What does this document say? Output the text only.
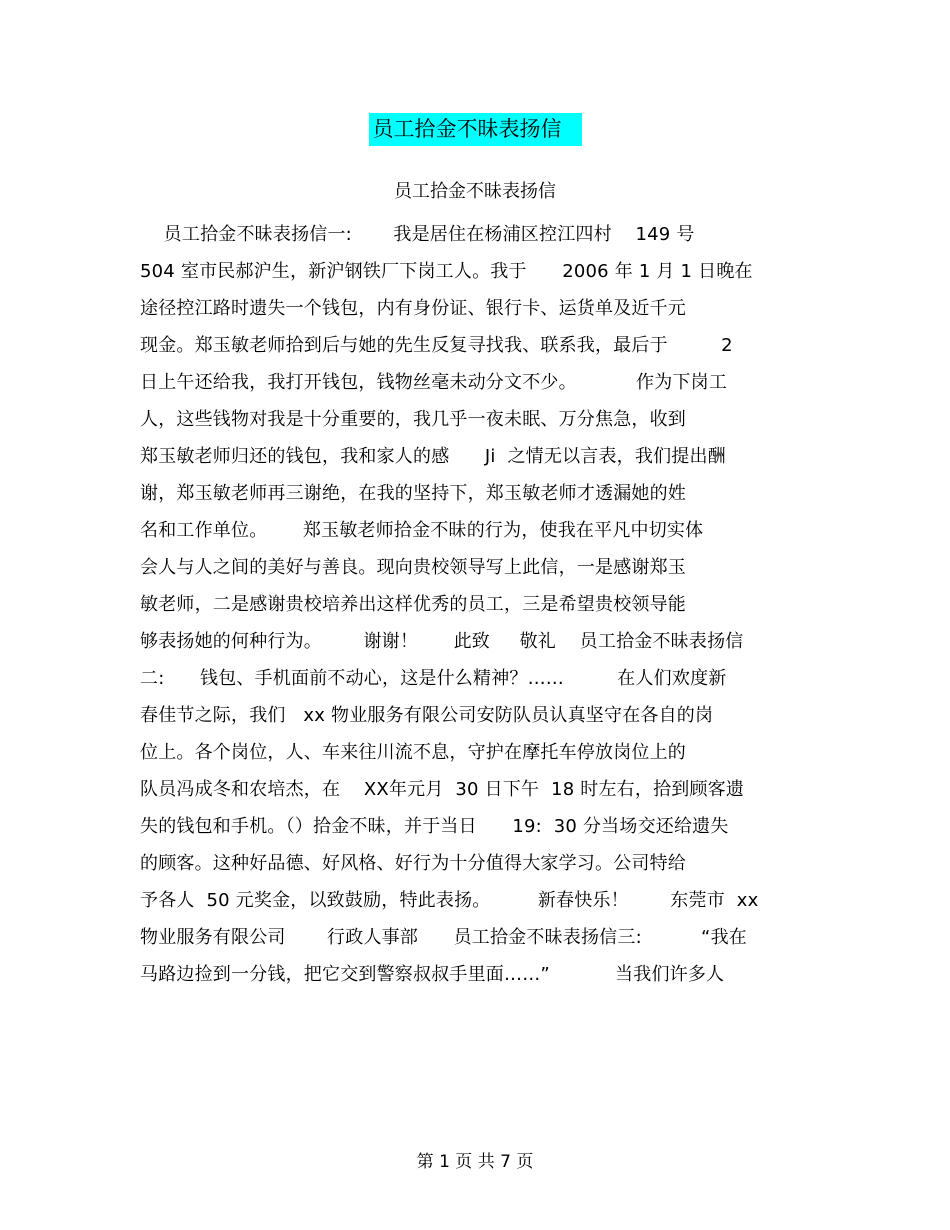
员工拾金不昧表扬信
员工拾金不昧表扬信
员工拾金不昧表扬信一:       我是居住在杨浦区控江四村    149 号
504 室市民郝沪生，新沪钢铁厂下岗工人。我于      2006 年 1 月 1 日晚在
途径控江路时遗失一个钱包，内有身份证、银行卡、运货单及近千元
现金。郑玉敏老师拾到后与她的先生反复寻找我、联系我，最后于         2
日上午还给我，我打开钱包，钱物丝毫未动分文不少。          作为下岗工
人，这些钱物对我是十分重要的，我几乎一夜未眠、万分焦急，收到
郑玉敏老师归还的钱包，我和家人的感      Ji  之情无以言表，我们提出酬
谢，郑玉敏老师再三谢绝，在我的坚持下，郑玉敏老师才透漏她的姓
名和工作单位。      郑玉敏老师拾金不昧的行为，使我在平凡中切实体
会人与人之间的美好与善良。现向贵校领导写上此信，一是感谢郑玉
敏老师，二是感谢贵校培养出这样优秀的员工，三是希望贵校领导能
够表扬她的何种行为。       谢谢！      此致     敬礼    员工拾金不昧表扬信
二:      钱包、手机面前不动心，这是什么精神？……         在人们欢度新
春佳节之际，我们   xx 物业服务有限公司安防队员认真坚守在各自的岗
位上。各个岗位，人、车来往川流不息，守护在摩托车停放岗位上的
队员冯成冬和农培杰，在    XX年元月  30 日下午  18 时左右，拾到顾客遗
失的钱包和手机。（）拾金不昧，并于当日      19:  30 分当场交还给遗失
的顾客。这种好品德、好风格、好行为十分值得大家学习。公司特给
予各人  50 元奖金，以致鼓励，特此表扬。        新春快乐！       东莞市  xx
物业服务有限公司       行政人事部      员工拾金不昧表扬信三:          “我在
马路边捡到一分钱，把它交到警察叔叔手里面……”           当我们许多人
第 1 页 共 7 页
